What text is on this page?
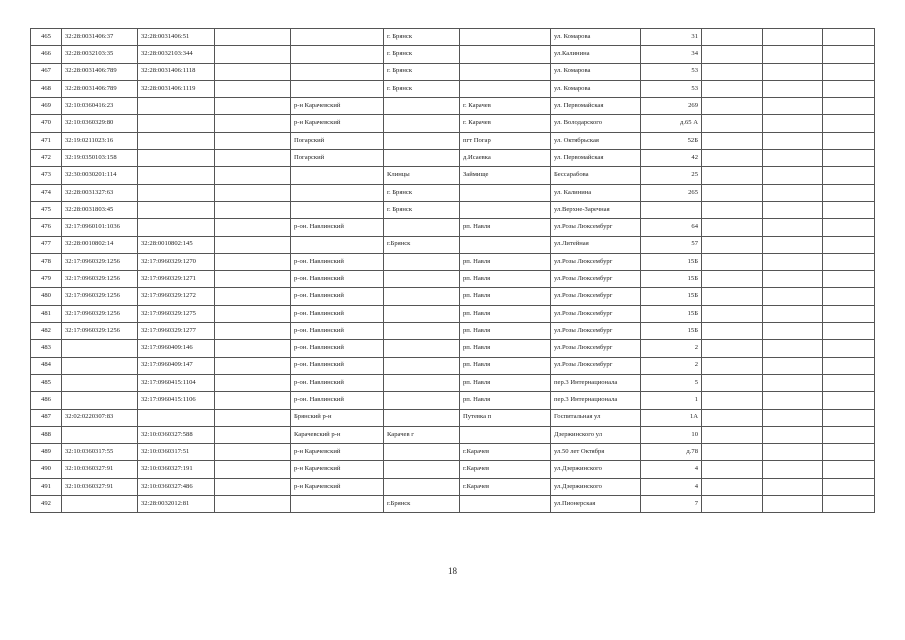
465	32:28:0031406:37	32:28:0031406:51			г. Брянск		ул. Комарова	31			
466	32:28:0032103:35	32:28:0032103:344			г. Брянск		ул.Калинина	34			
467	32:28:0031406:789	32:28:0031406:1118			г. Брянск		ул. Комарова	53			
468	32:28:0031406:789	32:28:0031406:1119			г. Брянск		ул. Комарова	53			
469	32:10:0360416:23			р-н Карачевский		г. Карачев	ул. Первомайская	269			
470	32:10:0360329:80			р-н Карачевский		г. Карачев	ул. Володарского	д.65 А			
471	32:19:0211023:16			Погарский		пгт Погар	ул. Октябрьская	52Б			
472	32:19:0350103:158			Погарский		д.Исаевка	ул. Первомайская	42			
473	32:30:0030201:114				Клинцы	Займище	Бессарабова	25			
474	32:28:0031327:63				г. Брянск		ул. Калинина	265			
475	32:28:0031803:45				г. Брянск		ул.Верхне-Заречная				
476	32:17:0960101:1036			р-он. Навлинский		рп. Навля	ул.Розы Люксембург	64			
477	32:28:0010802:14	32:28:0010802:145			г.Брянск		ул.Литейная	57			
478	32:17:0960329:1256	32:17:0960329:1270		р-он. Навлинский		рп. Навля	ул.Розы Люксембург	15Б			
479	32:17:0960329:1256	32:17:0960329:1271		р-он. Навлинский		рп. Навля	ул.Розы Люксембург	15Б			
480	32:17:0960329:1256	32:17:0960329:1272		р-он. Навлинский		рп. Навля	ул.Розы Люксембург	15Б			
481	32:17:0960329:1256	32:17:0960329:1275		р-он. Навлинский		рп. Навля	ул.Розы Люксембург	15Б			
482	32:17:0960329:1256	32:17:0960329:1277		р-он. Навлинский		рп. Навля	ул.Розы Люксембург	15Б			
483		32:17:0960409:146		р-он. Навлинский		рп. Навля	ул.Розы Люксембург	2			
484		32:17:0960409:147		р-он. Навлинский		рп. Навля	ул.Розы Люксембург	2			
485		32:17:0960415:1104		р-он. Навлинский		рп. Навля	пер.3 Интернационала	5			
486		32:17:0960415:1106		р-он. Навлинский		рп. Навля	пер.3 Интернационала	1			
487	32:02:0220307:83			Брянский р-н		Путевка п	Госпитальная ул	1А			
488		32:10:0360327:588		Карачевский р-н	Карачев г		Дзержинского ул	10			
489	32:10:0360317:55	32:10:0360317:51		р-н Карачевский		г.Карачев	ул.50 лет Октября	д.78			
490	32:10:0360327:91	32:10:0360327:191		р-н Карачевский		г.Карачев	ул.Дзержинского	4			
491	32:10:0360327:91	32:10:0360327:486		р-н Карачевский		г.Карачев	ул.Дзержинского	4			
492		32:28:0032012:81			г.Брянск		ул.Пионерская	7			
18
